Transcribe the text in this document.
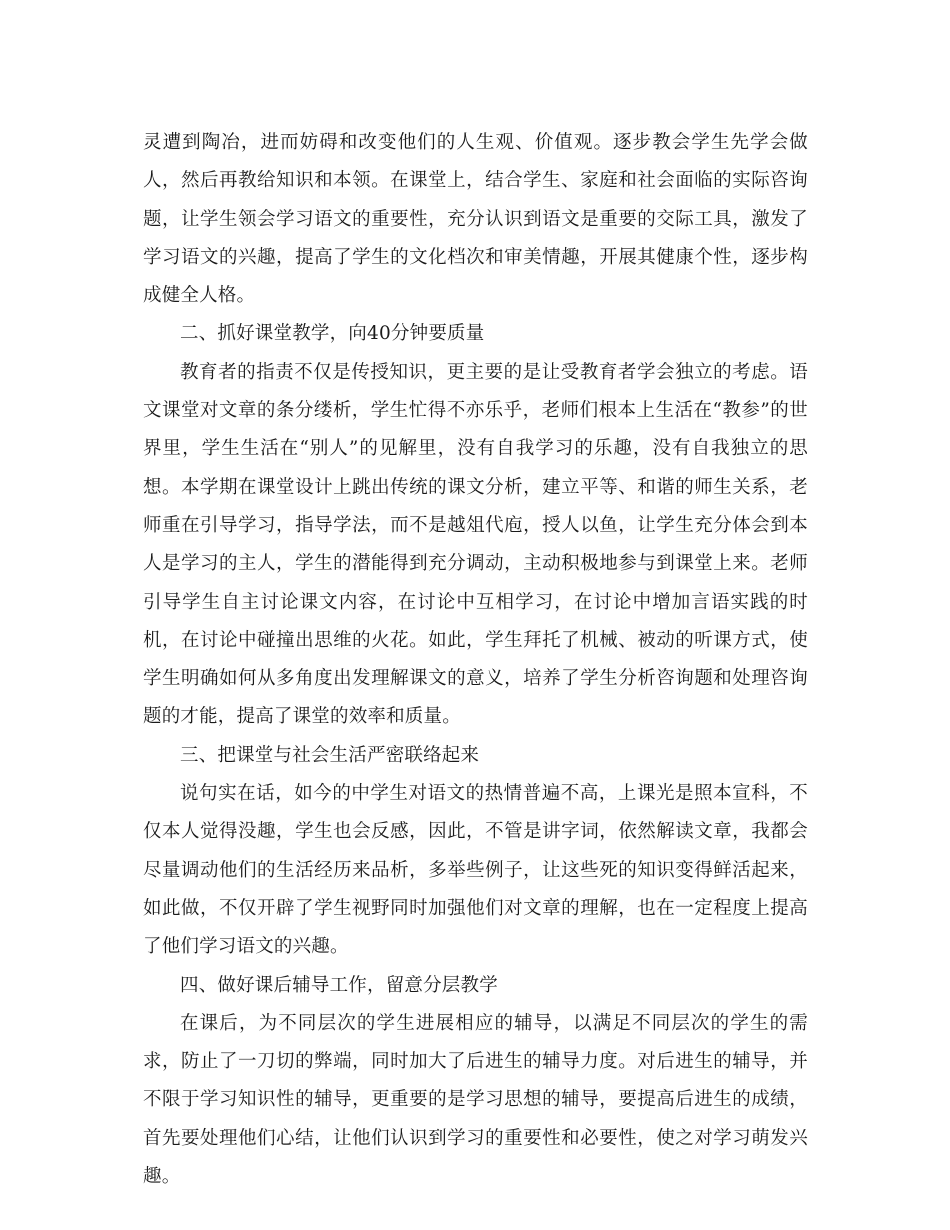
灵遭到陶冶，进而妨碍和改变他们的人生观、价值观。逐步教会学生先学会做人，然后再教给知识和本领。在课堂上，结合学生、家庭和社会面临的实际咨询题，让学生领会学习语文的重要性，充分认识到语文是重要的交际工具，激发了学习语文的兴趣，提高了学生的文化档次和审美情趣，开展其健康个性，逐步构成健全人格。

二、抓好课堂教学，向40分钟要质量

教育者的指责不仅是传授知识，更主要的是让受教育者学会独立的考虑。语文课堂对文章的条分缕析，学生忙得不亦乐乎，老师们根本上生活在“教参”的世界里，学生生活在“别人”的见解里，没有自我学习的乐趣，没有自我独立的思想。本学期在课堂设计上跳出传统的课文分析，建立平等、和谐的师生关系，老师重在引导学习，指导学法，而不是越俎代庖，授人以鱼，让学生充分体会到本人是学习的主人，学生的潜能得到充分调动，主动积极地参与到课堂上来。老师引导学生自主讨论课文内容，在讨论中互相学习，在讨论中增加言语实践的时机，在讨论中碰撞出思维的火花。如此，学生拜托了机械、被动的听课方式，使学生明确如何从多角度出发理解课文的意义，培养了学生分析咨询题和处理咨询题的才能，提高了课堂的效率和质量。

三、把课堂与社会生活严密联络起来

说句实在话，如今的中学生对语文的热情普遍不高，上课光是照本宣科，不仅本人觉得没趣，学生也会反感，因此，不管是讲字词，依然解读文章，我都会尽量调动他们的生活经历来品析，多举些例子，让这些死的知识变得鲜活起来，如此做，不仅开辟了学生视野同时加强他们对文章的理解，也在一定程度上提高了他们学习语文的兴趣。

四、做好课后辅导工作，留意分层教学

在课后，为不同层次的学生进展相应的辅导，以满足不同层次的学生的需求，防止了一刀切的弊端，同时加大了后进生的辅导力度。对后进生的辅导，并不限于学习知识性的辅导，更重要的是学习思想的辅导，要提高后进生的成绩，首先要处理他们心结，让他们认识到学习的重要性和必要性，使之对学习萌发兴趣。
